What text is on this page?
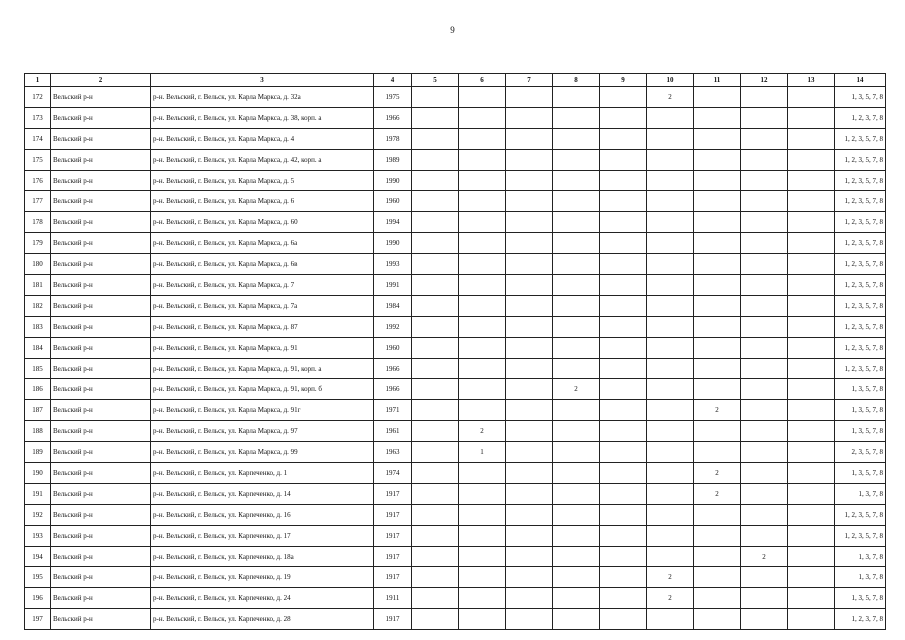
9
1	2	3	4	5	6	7	8	9	10	11	12	13	14
172	Вельский р-н	р-н. Вельский, г. Вельск, ул. Карла Маркса, д. 32а	1975						2				1, 3, 5, 7, 8
173	Вельский р-н	р-н. Вельский, г. Вельск, ул. Карла Маркса, д. 38, корп. а	1966										1, 2, 3, 7, 8
174	Вельский р-н	р-н. Вельский, г. Вельск, ул. Карла Маркса, д. 4	1978										1, 2, 3, 5, 7, 8
175	Вельский р-н	р-н. Вельский, г. Вельск, ул. Карла Маркса, д. 42, корп. а	1989										1, 2, 3, 5, 7, 8
176	Вельский р-н	р-н. Вельский, г. Вельск, ул. Карла Маркса, д. 5	1990										1, 2, 3, 5, 7, 8
177	Вельский р-н	р-н. Вельский, г. Вельск, ул. Карла Маркса, д. 6	1960										1, 2, 3, 5, 7, 8
178	Вельский р-н	р-н. Вельский, г. Вельск, ул. Карла Маркса, д. 60	1994										1, 2, 3, 5, 7, 8
179	Вельский р-н	р-н. Вельский, г. Вельск, ул. Карла Маркса, д. 6а	1990										1, 2, 3, 5, 7, 8
180	Вельский р-н	р-н. Вельский, г. Вельск, ул. Карла Маркса, д. 6в	1993										1, 2, 3, 5, 7, 8
181	Вельский р-н	р-н. Вельский, г. Вельск, ул. Карла Маркса, д. 7	1991										1, 2, 3, 5, 7, 8
182	Вельский р-н	р-н. Вельский, г. Вельск, ул. Карла Маркса, д. 7а	1984										1, 2, 3, 5, 7, 8
183	Вельский р-н	р-н. Вельский, г. Вельск, ул. Карла Маркса, д. 87	1992										1, 2, 3, 5, 7, 8
184	Вельский р-н	р-н. Вельский, г. Вельск, ул. Карла Маркса, д. 91	1960										1, 2, 3, 5, 7, 8
185	Вельский р-н	р-н. Вельский, г. Вельск, ул. Карла Маркса, д. 91, корп. а	1966										1, 2, 3, 5, 7, 8
186	Вельский р-н	р-н. Вельский, г. Вельск, ул. Карла Маркса, д. 91, корп. б	1966				2						1, 3, 5, 7, 8
187	Вельский р-н	р-н. Вельский, г. Вельск, ул. Карла Маркса, д. 91г	1971							2			1, 3, 5, 7, 8
188	Вельский р-н	р-н. Вельский, г. Вельск, ул. Карла Маркса, д. 97	1961		2								1, 3, 5, 7, 8
189	Вельский р-н	р-н. Вельский, г. Вельск, ул. Карла Маркса, д. 99	1963		1								2, 3, 5, 7, 8
190	Вельский р-н	р-н. Вельский, г. Вельск, ул. Карпеченко, д. 1	1974							2			1, 3, 5, 7, 8
191	Вельский р-н	р-н. Вельский, г. Вельск, ул. Карпеченко, д. 14	1917							2			1, 3, 7, 8
192	Вельский р-н	р-н. Вельский, г. Вельск, ул. Карпеченко, д. 16	1917										1, 2, 3, 5, 7, 8
193	Вельский р-н	р-н. Вельский, г. Вельск, ул. Карпеченко, д. 17	1917										1, 2, 3, 5, 7, 8
194	Вельский р-н	р-н. Вельский, г. Вельск, ул. Карпеченко, д. 18а	1917								2		1, 3, 7, 8
195	Вельский р-н	р-н. Вельский, г. Вельск, ул. Карпеченко, д. 19	1917						2				1, 3, 7, 8
196	Вельский р-н	р-н. Вельский, г. Вельск, ул. Карпеченко, д. 24	1911						2				1, 3, 5, 7, 8
197	Вельский р-н	р-н. Вельский, г. Вельск, ул. Карпеченко, д. 28	1917										1, 2, 3, 7, 8
